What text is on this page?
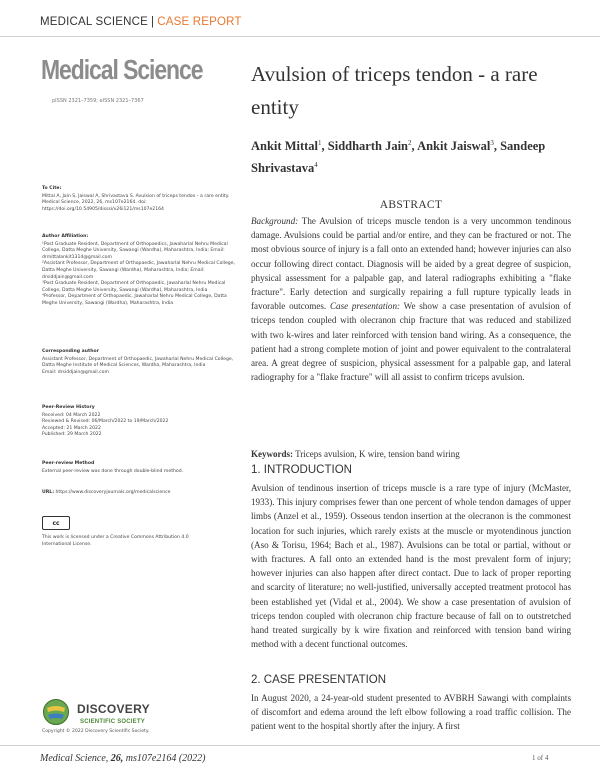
MEDICAL SCIENCE | CASE REPORT
Medical Science
pISSN 2321–7359; eISSN 2321–7367
Avulsion of triceps tendon - a rare entity
Ankit Mittal$^1$, Siddharth Jain$^2$, Ankit Jaiswal$^3$, Sandeep Shrivastava$^4$
To Cite:
Mittal A, Jain S, Jaiswal A, Shrivastava S. Avulsion of triceps tendon - a rare entity. Medical Science, 2022, 26, ms107e2164. doi: https://doi.org/10.54905/disssi/v26i121/ms107e2164
Author Affiliation:
¹Post Graduate Resident, Department of Orthopaedics, Jawaharlal Nehru Medical College, Datta Meghe University, Sawangi (Wardha), Maharashtra, India; Email: drmittalankit1314@gmail.com
²Assistant Professor, Department of Orthopaedic, Jawaharlal Nehru Medical College, Datta Meghe University, Sawangi (Wardha), Maharashtra, India; Email: drsiddjain@gmail.com
³Post Graduate Resident, Department of Orthopaedic, Jawaharlal Nehru Medical College, Datta Meghe University, Sawangi (Wardha), Maharashtra, India
⁴Professor, Department of Orthopaedic, Jawaharlal Nehru Medical College, Datta Meghe University, Sawangi (Wardha), Maharashtra, India
Corresponding author
Assistant Professor, Department of Orthopaedic, Jawaharlal Nehru Medical College, Datta Meghe Institute of Medical Sciences, Wardha, Maharashtra, India
Email: drsiddjain@gmail.com
Peer-Review History
Received: 04 March 2022
Reviewed & Revised: 06/March/2022 to 19/March/2022
Accepted: 21 March 2022
Published: 29 March 2022
Peer-review Method
External peer-review was done through double-blind method.
URL: https://www.discoveryjournals.org/medicalscience
cc
This work is licensed under a Creative Commons Attribution 4.0 International License.
DISCOVERY
SCIENTIFIC SOCIETY
Copyright © 2022 Discovery Scientific Society.
ABSTRACT
Background: The Avulsion of triceps muscle tendon is a very uncommon tendinous damage. Avulsions could be partial and/or entire, and they can be fractured or not. The most obvious source of injury is a fall onto an extended hand; however injuries can also occur following direct contact. Diagnosis will be aided by a great degree of suspicion, physical assessment for a palpable gap, and lateral radiographs exhibiting a "flake fracture". Early detection and surgically repairing a full rupture typically leads in favorable outcomes. Case presentation: We show a case presentation of avulsion of triceps tendon coupled with olecranon chip fracture that was reduced and stabilized with two k-wires and later reinforced with tension band wiring. As a consequence, the patient had a strong complete motion of joint and power equivalent to the contralateral area. A great degree of suspicion, physical assessment for a palpable gap, and lateral radiography for a "flake fracture" will all assist to confirm triceps avulsion.
Keywords: Triceps avulsion, K wire, tension band wiring
1. INTRODUCTION
Avulsion of tendinous insertion of triceps muscle is a rare type of injury (McMaster, 1933). This injury comprises fewer than one percent of whole tendon damages of upper limbs (Anzel et al., 1959). Osseous tendon insertion at the olecranon is the commonest location for such injuries, which rarely exists at the muscle or myotendinous junction (Aso & Torisu, 1964; Bach et al., 1987). Avulsions can be total or partial, without or with fractures. A fall onto an extended hand is the most prevalent form of injury; however injuries can also happen after direct contact. Due to lack of proper reporting and scarcity of literature; no well-justified, universally accepted treatment protocol has been established yet (Vidal et al., 2004). We show a case presentation of avulsion of triceps tendon coupled with olecranon chip fracture because of fall on to outstretched hand treated surgically by k wire fixation and reinforced with tension band wiring method with a decent functional outcomes.
2. CASE PRESENTATION
In August 2020, a 24-year-old student presented to AVBRH Sawangi with complaints of discomfort and edema around the left elbow following a road traffic collision. The patient went to the hospital shortly after the injury. A first
Medical Science, 26, ms107e2164 (2022)	1 of 4
